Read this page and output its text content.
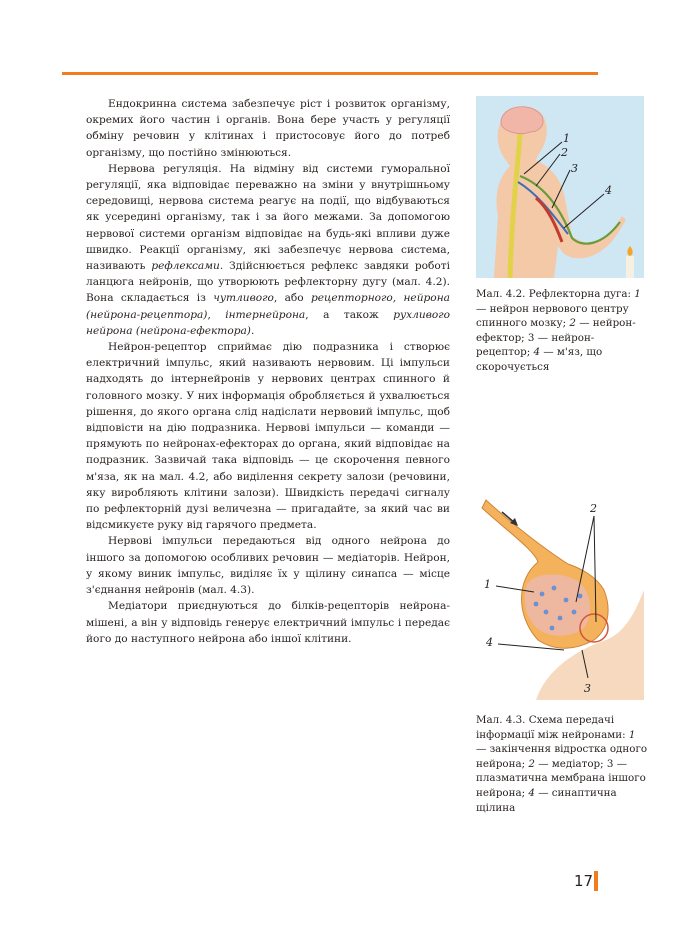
Ендокринна система забезпечує ріст і розвиток організму, окремих його частин і органів. Вона бере участь у регуляції обміну речовин у клітинах і пристосовує його до потреб організму, що постійно змінюються.

Нервова регуляція. На відміну від системи гуморальної регуляції, яка відповідає переважно на зміни у внутрішньому середовищі, нервова система реагує на події, що відбуваються як усередині організму, так і за його межами. За допомогою нервової системи організм відповідає на будь-які впливи дуже швидко. Реакції організму, які забезпечує нервова система, називають рефлексами. Здійснюється рефлекс завдяки роботі ланцюга нейронів, що утворюють рефлекторну дугу (мал. 4.2). Вона складається із чутливого, або рецепторного, нейрона (нейрона-рецептора), інтернейрона, а також рухливого нейрона (нейрона-ефектора).

Нейрон-рецептор сприймає дію подразника і створює електричний імпульс, який називають нервовим. Ці імпульси надходять до інтернейронів у нервових центрах спинного й головного мозку. У них інформація обробляється й ухвалюється рішення, до якого органа слід надіслати нервовий імпульс, щоб відповісти на дію подразника. Нервові імпульси — команди — прямують по нейронах-ефекторах до органа, який відповідає на подразник. Зазвичай така відповідь — це скорочення певного м'яза, як на мал. 4.2, або виділення секрету залози (речовини, яку виробляють клітини залози). Швидкість передачі сигналу по рефлекторній дузі величезна — пригадайте, за який час ви відсмикуєте руку від гарячого предмета.

Нервові імпульси передаються від одного нейрона до іншого за допомогою особливих речовин — медіаторів. Нейрон, у якому виник імпульс, виділяє їх у щілину синапса — місце з'єднання нейронів (мал. 4.3).

Медіатори приєднуються до білків-рецепторів нейрона-мішені, а він у відповідь генерує електричний імпульс і передає його до наступного нейрона або іншої клітини.

1
2
3
4
Мал. 4.2. Рефлекторна дуга: 1 — нейрон нервового центру спинного мозку; 2 — нейрон-ефектор; 3 — нейрон-рецептор; 4 — м'яз, що скорочується
2
1
4
3
Мал. 4.3. Схема передачі інформації між нейронами: 1 — закінчення відростка одного нейрона; 2 — медіатор; 3 — плазматична мембрана іншого нейрона; 4 — синаптична щілина
17
